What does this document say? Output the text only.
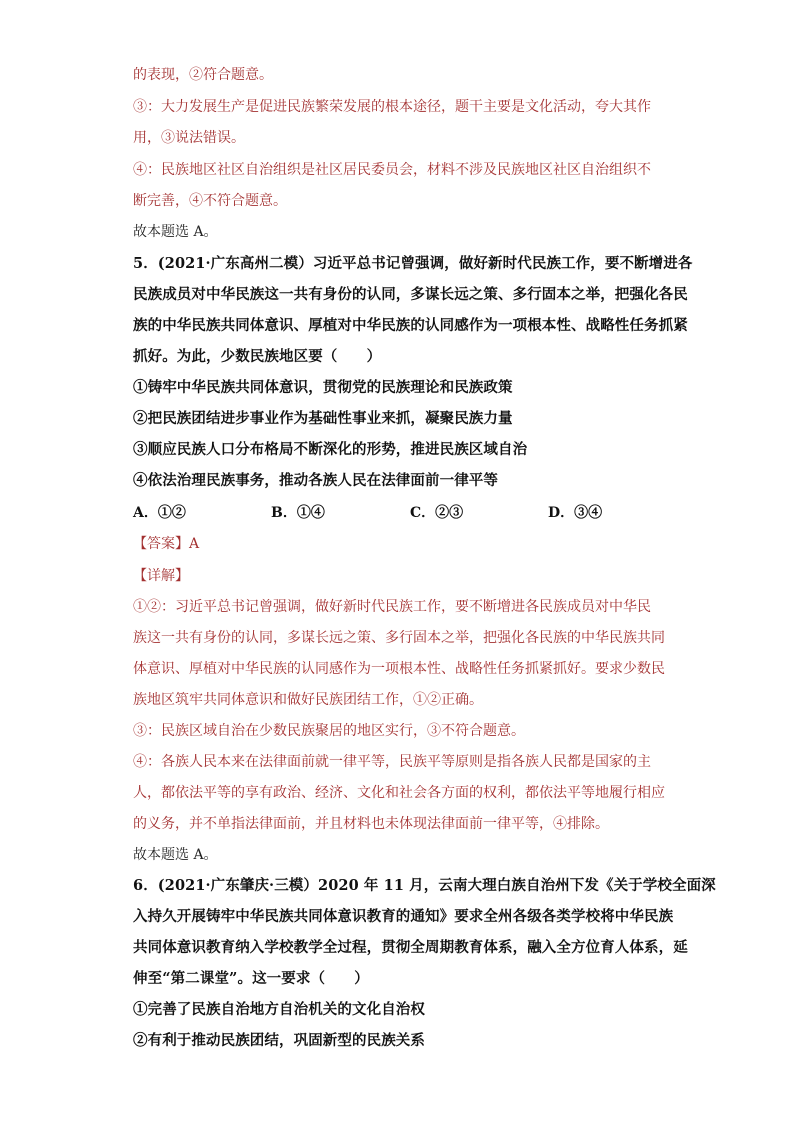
的表现，②符合题意。
③：大力发展生产是促进民族繁荣发展的根本途径，题干主要是文化活动，夸大其作
用，③说法错误。
④：民族地区社区自治组织是社区居民委员会，材料不涉及民族地区社区自治组织不
断完善，④不符合题意。
故本题选 A。
5．(2021·广东高州二模）习近平总书记曾强调，做好新时代民族工作，要不断增进各
民族成员对中华民族这一共有身份的认同，多谋长远之策、多行固本之举，把强化各民
族的中华民族共同体意识、厚植对中华民族的认同感作为一项根本性、战略性任务抓紧
抓好。为此，少数民族地区要（　　）
①铸牢中华民族共同体意识，贯彻党的民族理论和民族政策
②把民族团结进步事业作为基础性事业来抓，凝聚民族力量
③顺应民族人口分布格局不断深化的形势，推进民族区域自治
④依法治理民族事务，推动各族人民在法律面前一律平等
A．①②	B．①④	C．②③	D．③④
【答案】A
【详解】
①②：习近平总书记曾强调，做好新时代民族工作，要不断增进各民族成员对中华民
族这一共有身份的认同，多谋长远之策、多行固本之举，把强化各民族的中华民族共同
体意识、厚植对中华民族的认同感作为一项根本性、战略性任务抓紧抓好。要求少数民
族地区筑牢共同体意识和做好民族团结工作，①②正确。
③：民族区域自治在少数民族聚居的地区实行，③不符合题意。
④：各族人民本来在法律面前就一律平等，民族平等原则是指各族人民都是国家的主
人，都依法平等的享有政治、经济、文化和社会各方面的权利，都依法平等地履行相应
的义务，并不单指法律面前，并且材料也未体现法律面前一律平等，④排除。
故本题选 A。
6．(2021·广东肇庆·三模）2020 年 11 月，云南大理白族自治州下发《关于学校全面深
入持久开展铸牢中华民族共同体意识教育的通知》要求全州各级各类学校将中华民族
共同体意识教育纳入学校教学全过程，贯彻全周期教育体系，融入全方位育人体系，延
伸至“第二课堂”。这一要求（　　）
①完善了民族自治地方自治机关的文化自治权
②有利于推动民族团结，巩固新型的民族关系
